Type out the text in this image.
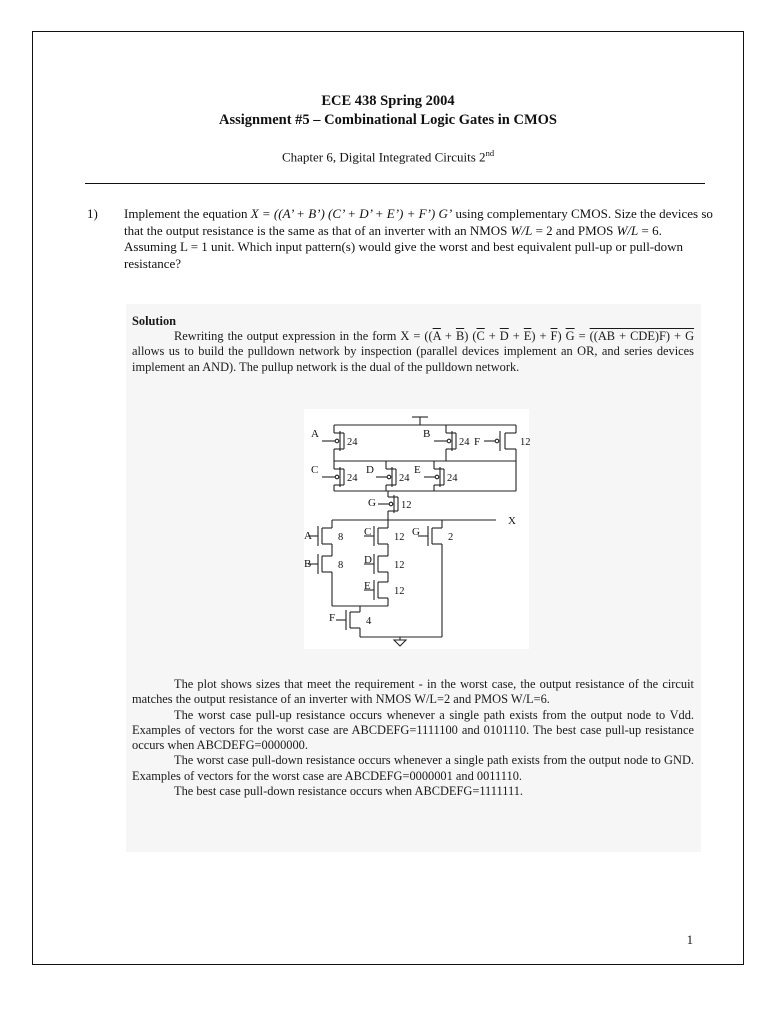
ECE 438 Spring 2004
Assignment #5 – Combinational Logic Gates in CMOS
Chapter 6, Digital Integrated Circuits 2nd
1) Implement the equation X = ((A’ + B’) (C’ + D’ + E’) + F’) G’ using complementary CMOS. Size the devices so that the output resistance is the same as that of an inverter with an NMOS W/L = 2 and PMOS W/L = 6. Assuming L = 1 unit. Which input pattern(s) would give the worst and best equivalent pull-up or pull-down resistance?
Solution
Rewriting the output expression in the form $X = ((\overline{A} + \overline{B}) (\overline{C} + \overline{D} + \overline{E}) + \overline{F}) \overline{G} = ((AB + CDE)F) + G$ allows us to build the pulldown network by inspection (parallel devices implement an OR, and series devices implement an AND). The pullup network is the dual of the pulldown network.
A	B
F
C	D	E
G
A
B
C
D
E
G
F
X
24	24	12
24	24	24
12
8
8
12
12
12
2
4

The plot shows sizes that meet the requirement - in the worst case, the output resistance of the circuit matches the output resistance of an inverter with NMOS W/L=2 and PMOS W/L=6.

The worst case pull-up resistance occurs whenever a single path exists from the output node to Vdd. Examples of vectors for the worst case are ABCDEFG=1111100 and 0101110. The best case pull-up resistance occurs when ABCDEFG=0000000.

The worst case pull-down resistance occurs whenever a single path exists from the output node to GND. Examples of vectors for the worst case are ABCDEFG=0000001 and 0011110.

The best case pull-down resistance occurs when ABCDEFG=1111111.

1
